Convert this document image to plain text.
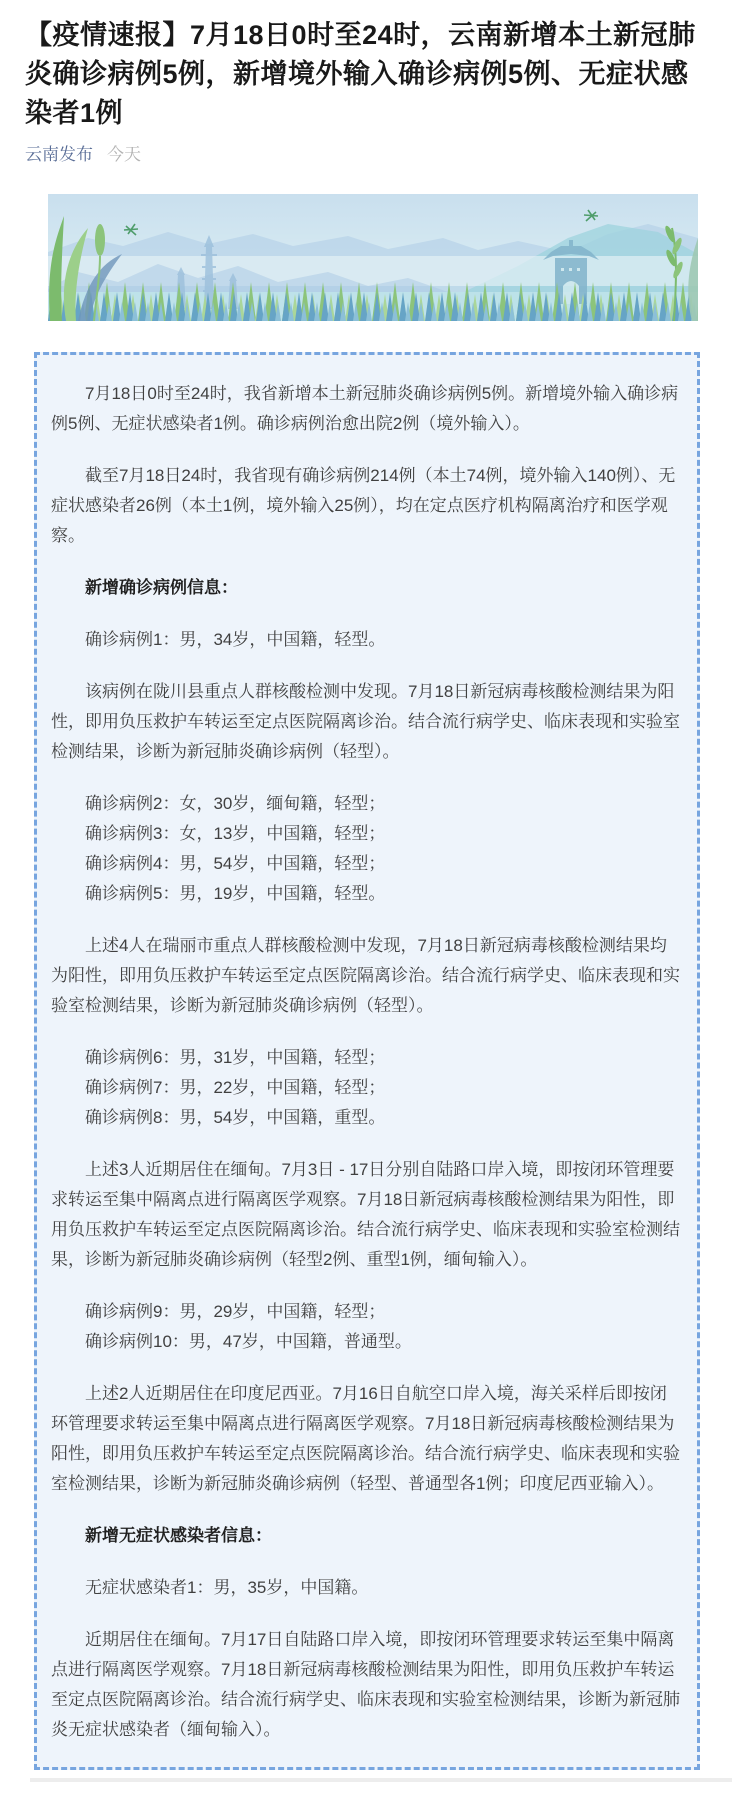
【疫情速报】7月18日0时至24时，云南新增本土新冠肺炎确诊病例5例，新增境外输入确诊病例5例、无症状感染者1例
云南发布 今天

7月18日0时至24时，我省新增本土新冠肺炎确诊病例5例。新增境外输入确诊病例5例、无症状感染者1例。确诊病例治愈出院2例（境外输入）。

截至7月18日24时，我省现有确诊病例214例（本土74例，境外输入140例）、无症状感染者26例（本土1例，境外输入25例），均在定点医疗机构隔离治疗和医学观察。

新增确诊病例信息：

确诊病例1：男，34岁，中国籍，轻型。

该病例在陇川县重点人群核酸检测中发现。7月18日新冠病毒核酸检测结果为阳性，即用负压救护车转运至定点医院隔离诊治。结合流行病学史、临床表现和实验室检测结果，诊断为新冠肺炎确诊病例（轻型）。

确诊病例2：女，30岁，缅甸籍，轻型；
确诊病例3：女，13岁，中国籍，轻型；
确诊病例4：男，54岁，中国籍，轻型；
确诊病例5：男，19岁，中国籍，轻型。

上述4人在瑞丽市重点人群核酸检测中发现，7月18日新冠病毒核酸检测结果均为阳性，即用负压救护车转运至定点医院隔离诊治。结合流行病学史、临床表现和实验室检测结果，诊断为新冠肺炎确诊病例（轻型）。

确诊病例6：男，31岁，中国籍，轻型；
确诊病例7：男，22岁，中国籍，轻型；
确诊病例8：男，54岁，中国籍，重型。

上述3人近期居住在缅甸。7月3日 - 17日分别自陆路口岸入境，即按闭环管理要求转运至集中隔离点进行隔离医学观察。7月18日新冠病毒核酸检测结果为阳性，即用负压救护车转运至定点医院隔离诊治。结合流行病学史、临床表现和实验室检测结果，诊断为新冠肺炎确诊病例（轻型2例、重型1例，缅甸输入）。

确诊病例9：男，29岁，中国籍，轻型；
确诊病例10：男，47岁，中国籍，普通型。

上述2人近期居住在印度尼西亚。7月16日自航空口岸入境，海关采样后即按闭环管理要求转运至集中隔离点进行隔离医学观察。7月18日新冠病毒核酸检测结果为阳性，即用负压救护车转运至定点医院隔离诊治。结合流行病学史、临床表现和实验室检测结果，诊断为新冠肺炎确诊病例（轻型、普通型各1例；印度尼西亚输入）。

新增无症状感染者信息：

无症状感染者1：男，35岁，中国籍。

近期居住在缅甸。7月17日自陆路口岸入境，即按闭环管理要求转运至集中隔离点进行隔离医学观察。7月18日新冠病毒核酸检测结果为阳性，即用负压救护车转运至定点医院隔离诊治。结合流行病学史、临床表现和实验室检测结果，诊断为新冠肺炎无症状感染者（缅甸输入）。
